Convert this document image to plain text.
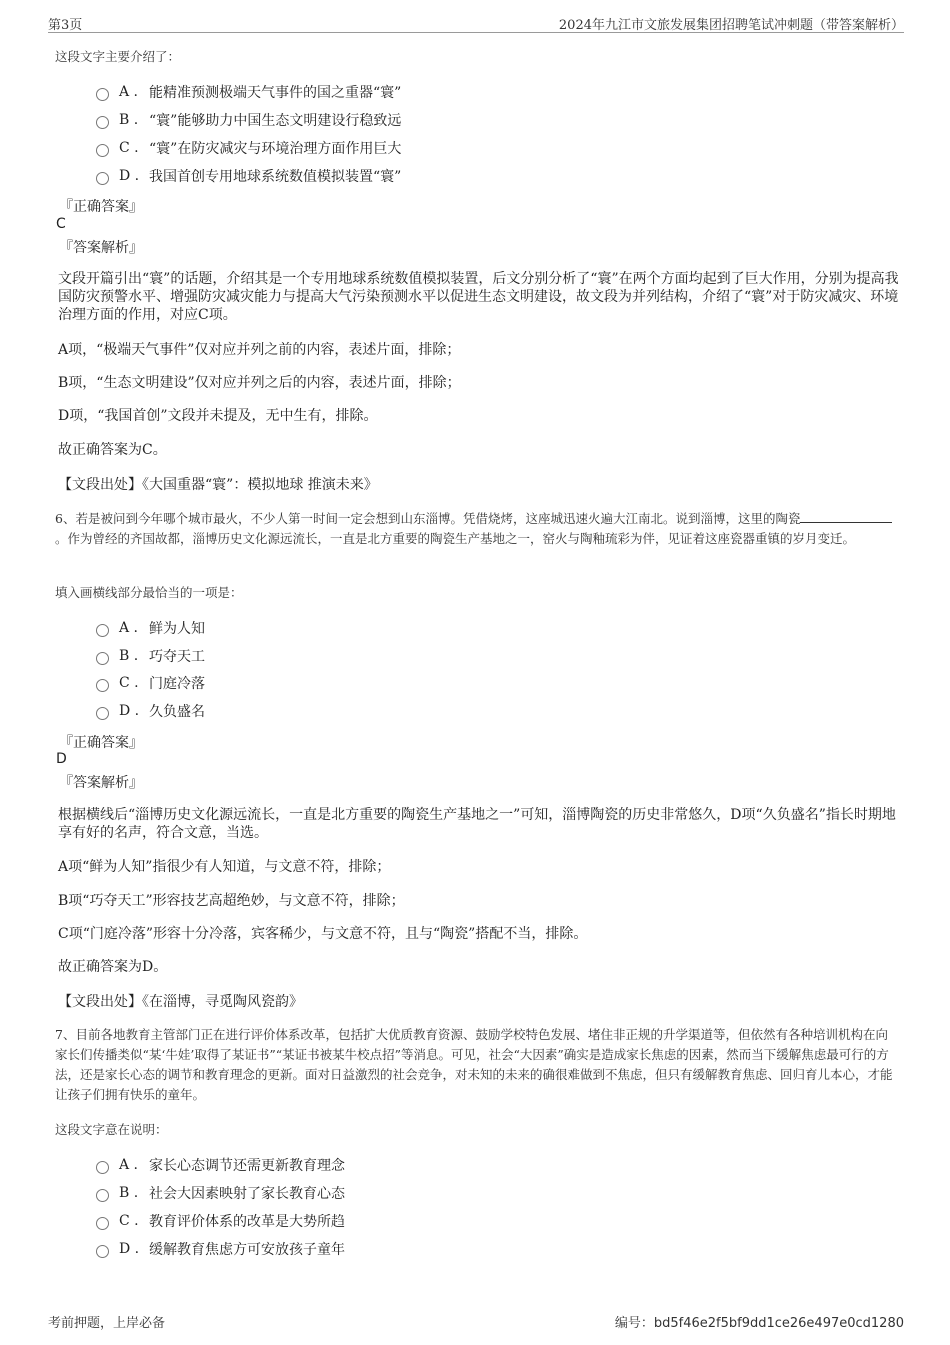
第3页	2024年九江市文旅发展集团招聘笔试冲刺题（带答案解析）
这段文字主要介绍了：
A . 能精准预测极端天气事件的国之重器“寰”
B . “寰”能够助力中国生态文明建设行稳致远
C . “寰”在防灾减灾与环境治理方面作用巨大
D . 我国首创专用地球系统数值模拟装置“寰”
『正确答案』
C
『答案解析』
文段开篇引出“寰”的话题，介绍其是一个专用地球系统数值模拟装置，后文分别分析了“寰”在两个方面均起到了巨大作用，分别为提高我国防灾预警水平、增强防灾减灾能力与提高大气污染预测水平以促进生态文明建设，故文段为并列结构，介绍了“寰”对于防灾减灾、环境治理方面的作用，对应C项。
A项，“极端天气事件”仅对应并列之前的内容，表述片面，排除；
B项，“生态文明建设”仅对应并列之后的内容，表述片面，排除；
D项，“我国首创”文段并未提及，无中生有，排除。
故正确答案为C。
【文段出处】《大国重器“寰”：模拟地球 推演未来》
6、若是被问到今年哪个城市最火，不少人第一时间一定会想到山东淄博。凭借烧烤，这座城迅速火遍大江南北。说到淄博，这里的陶瓷。作为曾经的齐国故都，淄博历史文化源远流长，一直是北方重要的陶瓷生产基地之一，窑火与陶釉琉彩为伴，见证着这座瓷器重镇的岁月变迁。
填入画横线部分最恰当的一项是：
A . 鲜为人知
B . 巧夺天工
C . 门庭冷落
D . 久负盛名
『正确答案』
D
『答案解析』
根据横线后“淄博历史文化源远流长，一直是北方重要的陶瓷生产基地之一”可知，淄博陶瓷的历史非常悠久，D项“久负盛名”指长时期地享有好的名声，符合文意，当选。
A项“鲜为人知”指很少有人知道，与文意不符，排除；
B项“巧夺天工”形容技艺高超绝妙，与文意不符，排除；
C项“门庭冷落”形容十分冷落，宾客稀少，与文意不符，且与“陶瓷”搭配不当，排除。
故正确答案为D。
【文段出处】《在淄博，寻觅陶风瓷韵》
7、目前各地教育主管部门正在进行评价体系改革，包括扩大优质教育资源、鼓励学校特色发展、堵住非正规的升学渠道等，但依然有各种培训机构在向家长们传播类似“某‘牛娃’取得了某证书”“某证书被某牛校点招”等消息。可见，社会“大因素”确实是造成家长焦虑的因素，然而当下缓解焦虑最可行的方法，还是家长心态的调节和教育理念的更新。面对日益激烈的社会竞争，对未知的未来的确很难做到不焦虑，但只有缓解教育焦虑、回归育儿本心，才能让孩子们拥有快乐的童年。
这段文字意在说明：
A . 家长心态调节还需更新教育理念
B . 社会大因素映射了家长教育心态
C . 教育评价体系的改革是大势所趋
D . 缓解教育焦虑方可安放孩子童年
考前押题，上岸必备	编号：bd5f46e2f5bf9dd1ce26e497e0cd1280
